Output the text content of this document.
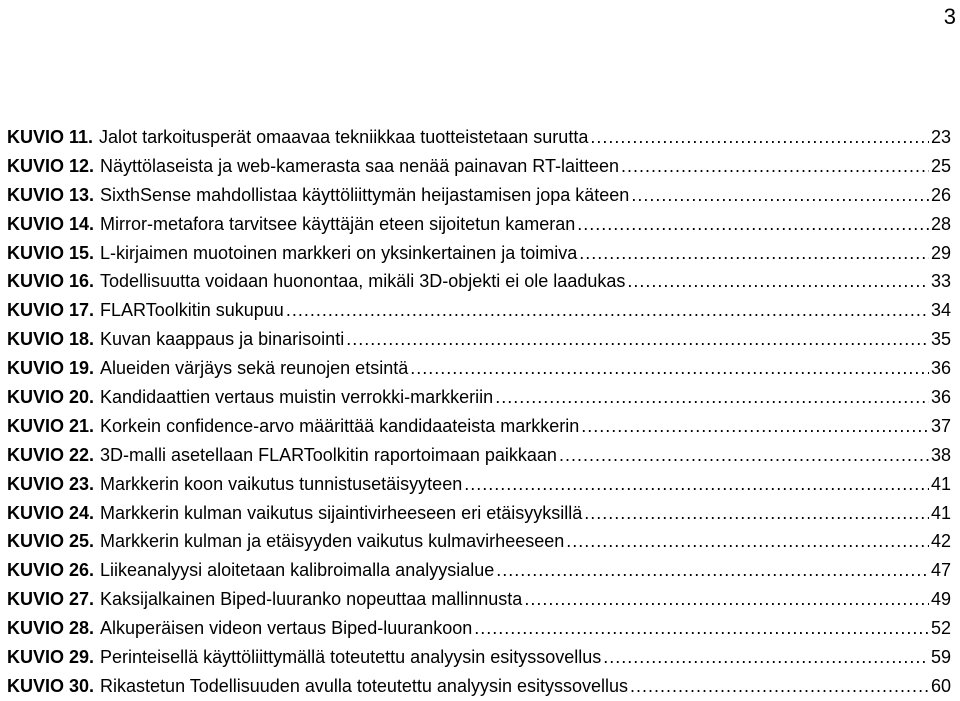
3
KUVIO 11. Jalot tarkoitusperät omaavaa tekniikkaa tuotteistetaan surutta .....	23
KUVIO 12. Näyttölaseista ja web-kamerasta saa nenää painavan RT-laitteen .....	25
KUVIO 13. SixthSense mahdollistaa käyttöliittymän heijastamisen jopa käteen .....	26
KUVIO 14. Mirror-metafora tarvitsee käyttäjän eteen sijoitetun kameran .....	28
KUVIO 15. L-kirjaimen muotoinen markkeri on yksinkertainen ja toimiva .....	29
KUVIO 16. Todellisuutta voidaan huonontaa, mikäli 3D-objekti ei ole laadukas .....	33
KUVIO 17. FLARToolkitin sukupuu .....	34
KUVIO 18. Kuvan kaappaus ja binarisointi .....	35
KUVIO 19. Alueiden värjäys sekä reunojen etsintä .....	36
KUVIO 20. Kandidaattien vertaus muistin verrokki-markkeriin .....	36
KUVIO 21. Korkein confidence-arvo määrittää kandidaateista markkerin .....	37
KUVIO 22. 3D-malli asetellaan FLARToolkitin raportoimaan paikkaan .....	38
KUVIO 23. Markkerin koon vaikutus tunnistusetäisyyteen .....	41
KUVIO 24. Markkerin kulman vaikutus sijaintivirheeseen eri etäisyyksillä .....	41
KUVIO 25. Markkerin kulman ja etäisyyden vaikutus kulmavirheeseen .....	42
KUVIO 26. Liikeanalyysi aloitetaan kalibroimalla analyysialue .....	47
KUVIO 27. Kaksijalkainen Biped-luuranko nopeuttaa mallinnusta .....	49
KUVIO 28. Alkuperäisen videon vertaus Biped-luurankoon .....	52
KUVIO 29. Perinteisellä käyttöliittymällä toteutettu analyysin esityssovellus .....	59
KUVIO 30. Rikastetun Todellisuuden avulla toteutettu analyysin esityssovellus .....	60
